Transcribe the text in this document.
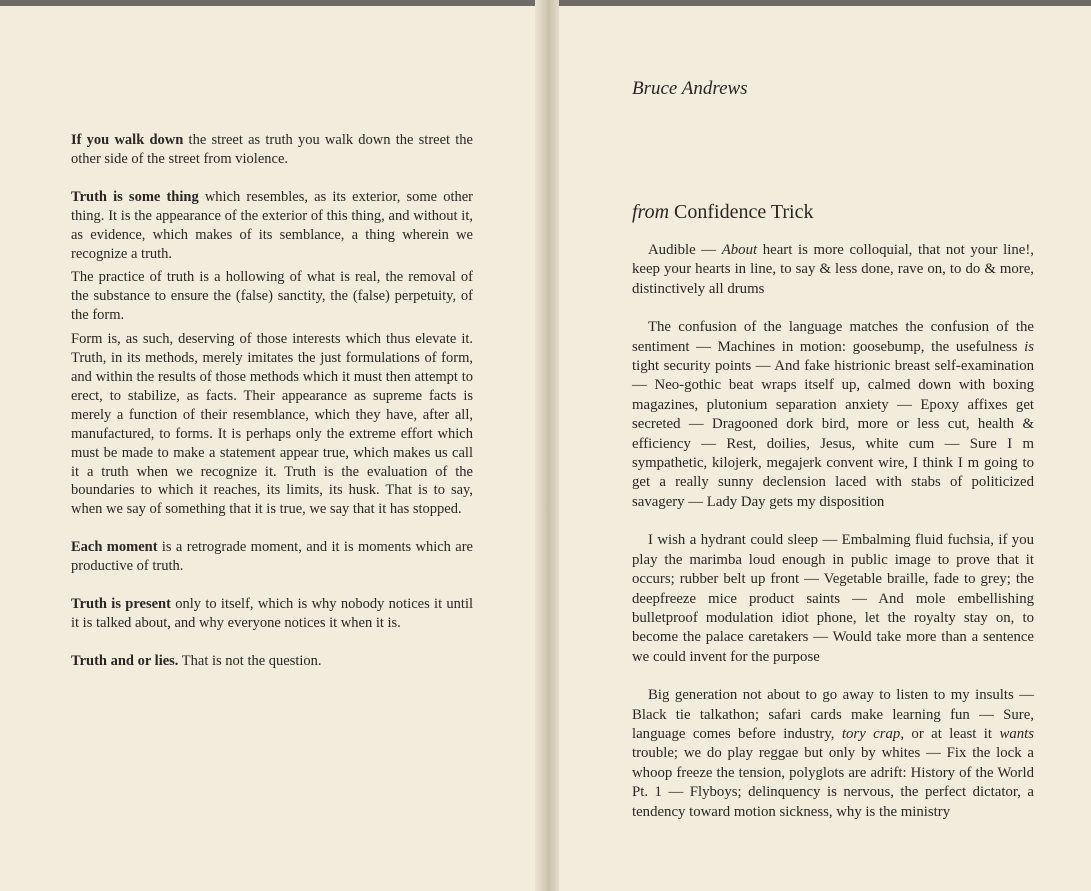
If you walk down the street as truth you walk down the street the other side of the street from violence.

Truth is some thing which resembles, as its exterior, some other thing. It is the appearance of the exterior of this thing, and without it, as evidence, which makes of its semblance, a thing wherein we recognize a truth.

The practice of truth is a hollowing of what is real, the removal of the substance to ensure the (false) sanctity, the (false) perpetuity, of the form.

Form is, as such, deserving of those interests which thus elevate it. Truth, in its methods, merely imitates the just formulations of form, and within the results of those methods which it must then attempt to erect, to stabilize, as facts. Their appearance as supreme facts is merely a function of their resemblance, which they have, after all, manufactured, to forms. It is perhaps only the extreme effort which must be made to make a statement appear true, which makes us call it a truth when we recognize it. Truth is the evaluation of the boundaries to which it reaches, its limits, its husk. That is to say, when we say of something that it is true, we say that it has stopped.

Each moment is a retrograde moment, and it is moments which are productive of truth.

Truth is present only to itself, which is why nobody notices it until it is talked about, and why everyone notices it when it is.

Truth and or lies. That is not the question.

Bruce Andrews

from Confidence Trick

Audible — About heart is more colloquial, that not your line!, keep your hearts in line, to say & less done, rave on, to do & more, distinctively all drums

The confusion of the language matches the confusion of the sentiment — Machines in motion: goosebump, the usefulness is tight security points — And fake histrionic breast self-examination — Neo-gothic beat wraps itself up, calmed down with boxing magazines, plutonium separation anxiety — Epoxy affixes get secreted — Dragooned dork bird, more or less cut, health & efficiency — Rest, doilies, Jesus, white cum — Sure I m sympathetic, kilojerk, megajerk convent wire, I think I m going to get a really sunny declension laced with stabs of politicized savagery — Lady Day gets my disposition

I wish a hydrant could sleep — Embalming fluid fuchsia, if you play the marimba loud enough in public image to prove that it occurs; rubber belt up front — Vegetable braille, fade to grey; the deepfreeze mice product saints — And mole embellishing bulletproof modulation idiot phone, let the royalty stay on, to become the palace caretakers — Would take more than a sentence we could invent for the purpose

Big generation not about to go away to listen to my insults — Black tie talkathon; safari cards make learning fun — Sure, language comes before industry, tory crap, or at least it wants trouble; we do play reggae but only by whites — Fix the lock a whoop freeze the tension, polyglots are adrift: History of the World Pt. 1 — Flyboys; delinquency is nervous, the perfect dictator, a tendency toward motion sickness, why is the ministry
